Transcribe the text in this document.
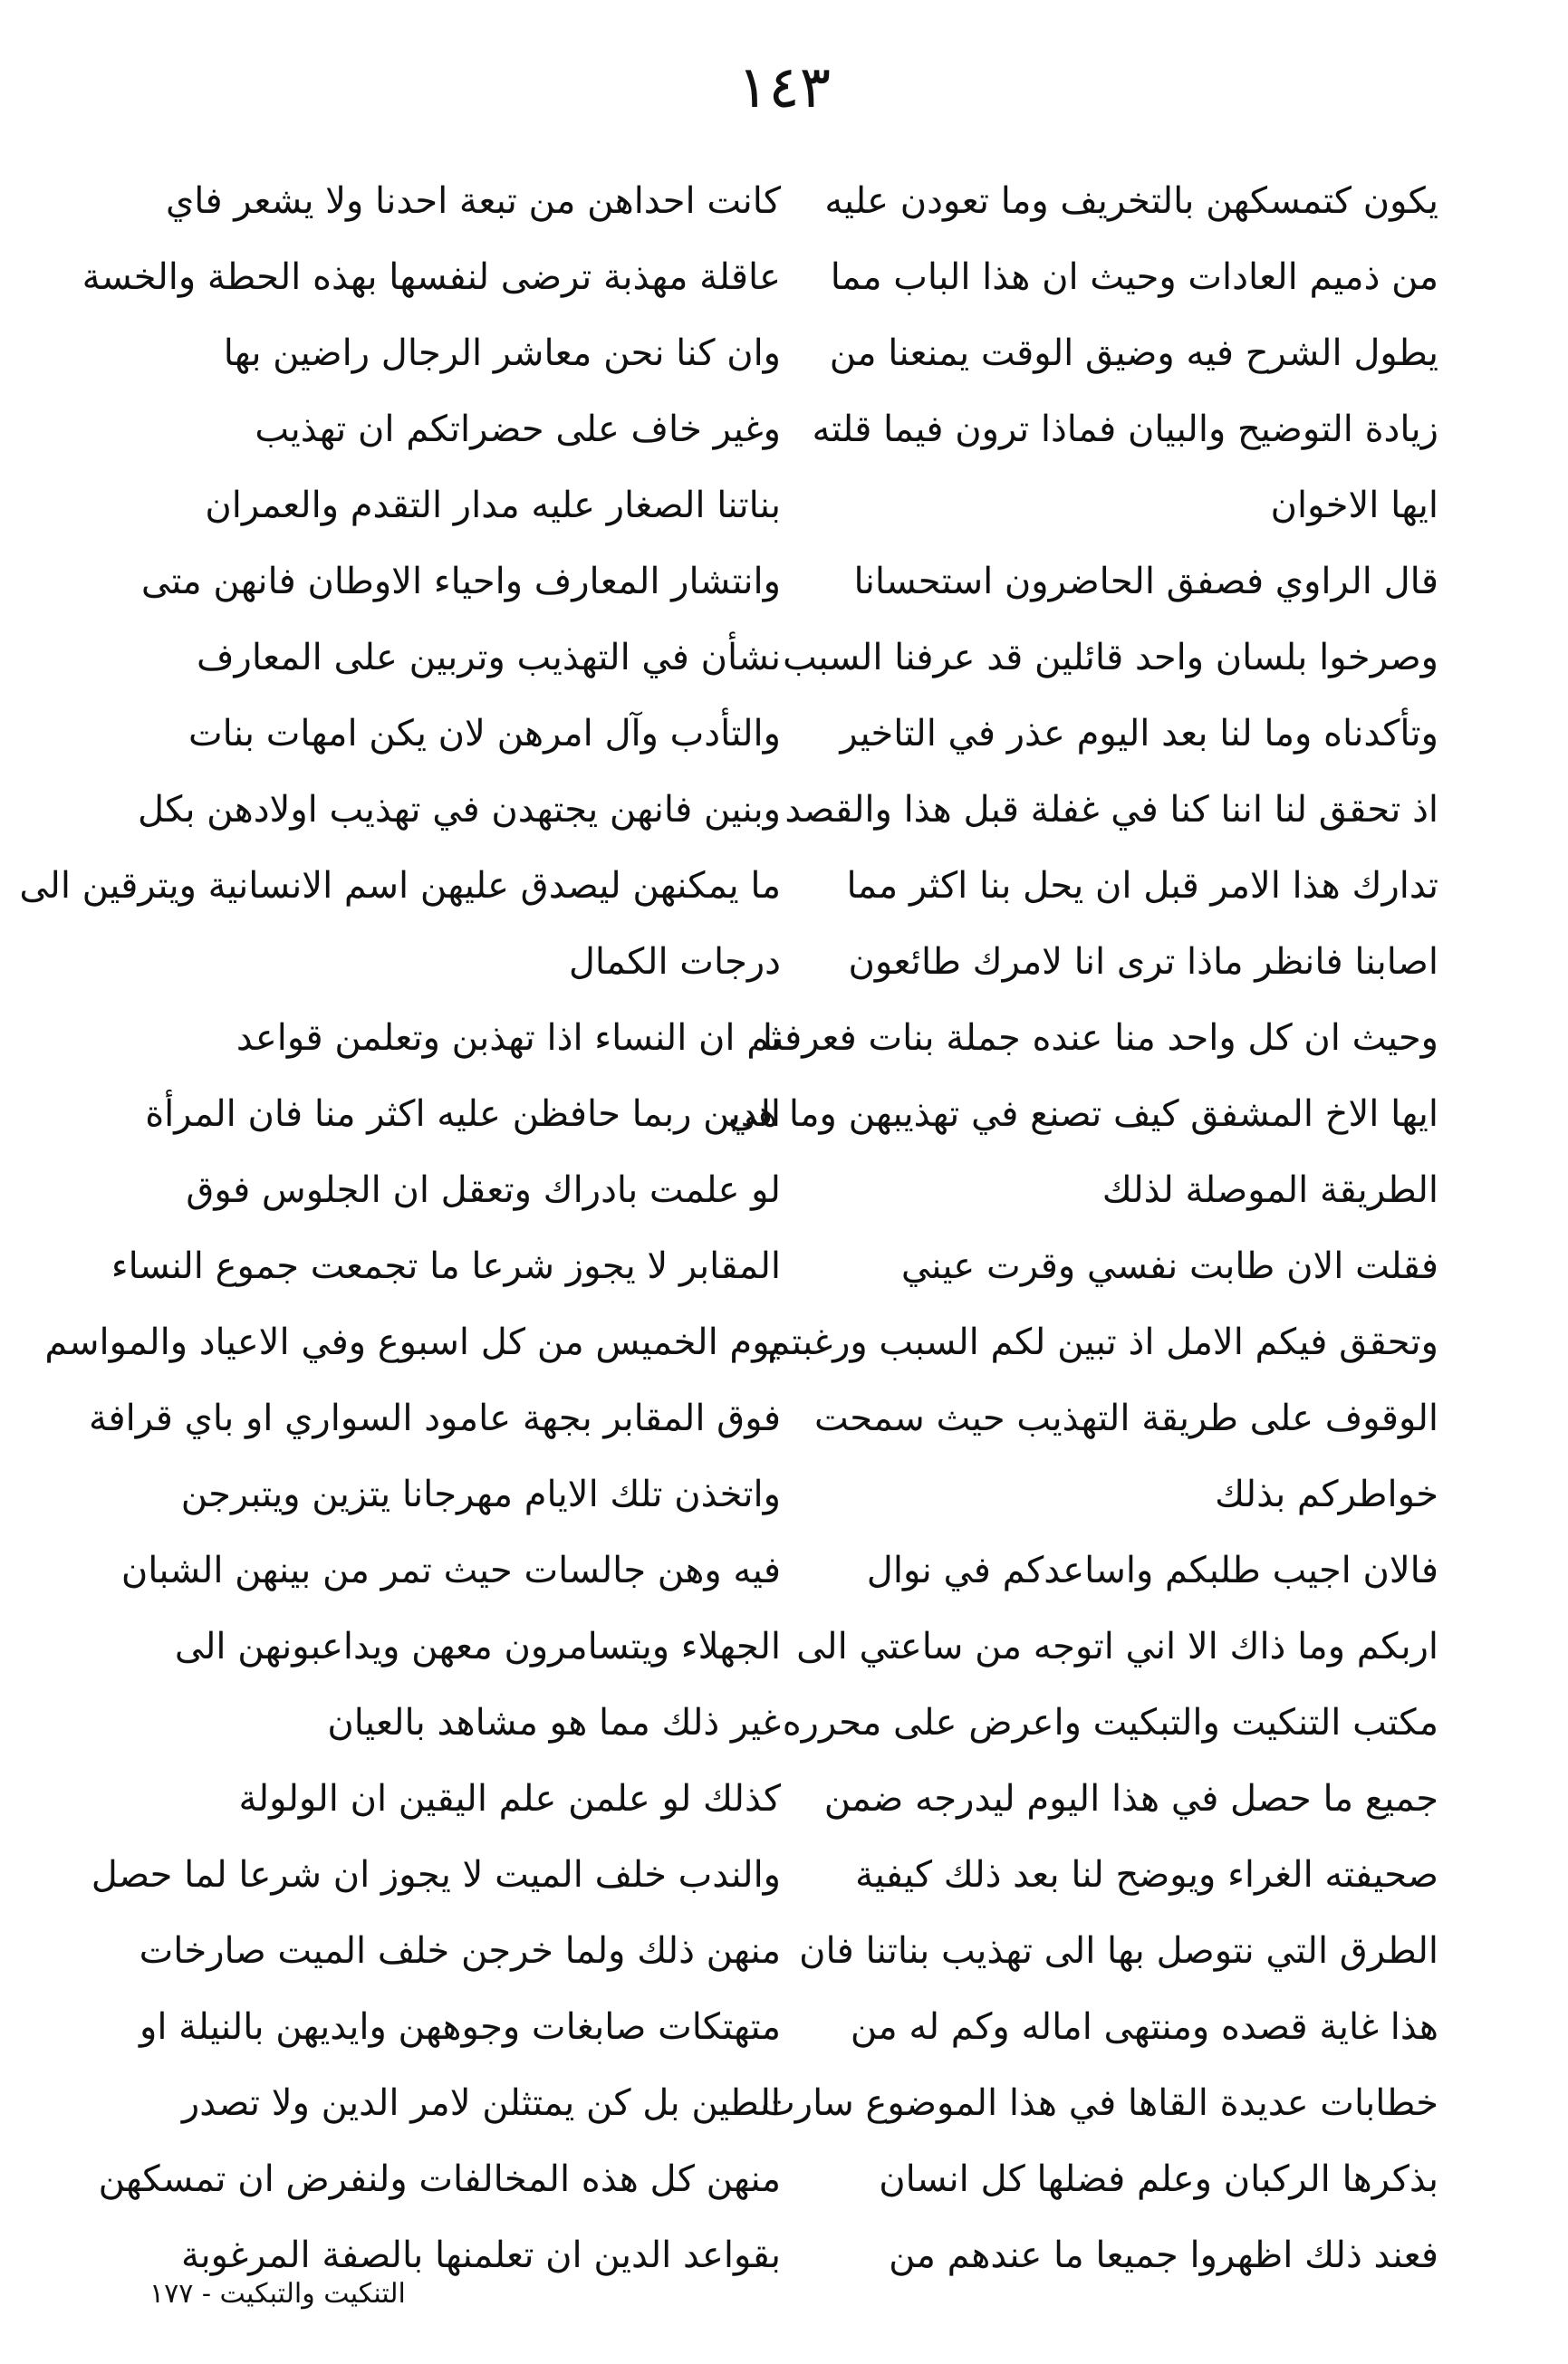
١٤٣
كانت احداهن من تبعة احدنا ولا يشعر فاي
عاقلة مهذبة ترضى لنفسها بهذه الحطة والخسة
وان كنا نحن معاشر الرجال راضين بها
وغير خاف على حضراتكم ان تهذيب
بناتنا الصغار عليه مدار التقدم والعمران
وانتشار المعارف واحياء الاوطان فانهن متى
نشأن في التهذيب وتربين على المعارف
والتأدب وآل امرهن لان يكن امهات بنات
وبنين فانهن يجتهدن في تهذيب اولادهن بكل
ما يمكنهن ليصدق عليهن اسم الانسانية ويترقين الى
درجات الكمال
ثم ان النساء اذا تهذبن وتعلمن قواعد
الدين ربما حافظن عليه اكثر منا فان المرأة
لو علمت بادراك وتعقل ان الجلوس فوق
المقابر لا يجوز شرعا ما تجمعت جموع النساء
يوم الخميس من كل اسبوع وفي الاعياد والمواسم
فوق المقابر بجهة عامود السواري او باي قرافة
واتخذن تلك الايام مهرجانا يتزين ويتبرجن
فيه وهن جالسات حيث تمر من بينهن الشبان
الجهلاء ويتسامرون معهن ويداعبونهن الى
غير ذلك مما هو مشاهد بالعيان
كذلك لو علمن علم اليقين ان الولولة
والندب خلف الميت لا يجوز ان شرعا لما حصل
منهن ذلك ولما خرجن خلف الميت صارخات
متهتكات صابغات وجوههن وايديهن بالنيلة او
الطين بل كن يمتثلن لامر الدين ولا تصدر
منهن كل هذه المخالفات ولنفرض ان تمسكهن
بقواعد الدين ان تعلمنها بالصفة المرغوبة
يكون كتمسكهن بالتخريف وما تعودن عليه
من ذميم العادات وحيث ان هذا الباب مما
يطول الشرح فيه وضيق الوقت يمنعنا من
زيادة التوضيح والبيان فماذا ترون فيما قلته
ايها الاخوان
قال الراوي فصفق الحاضرون استحسانا
وصرخوا بلسان واحد قائلين قد عرفنا السبب
وتأكدناه وما لنا بعد اليوم عذر في التاخير
اذ تحقق لنا اننا كنا في غفلة قبل هذا والقصد
تدارك هذا الامر قبل ان يحل بنا اكثر مما
اصابنا فانظر ماذا ترى انا لامرك طائعون
وحيث ان كل واحد منا عنده جملة بنات فعرفنا
ايها الاخ المشفق كيف تصنع في تهذيبهن وما هي
الطريقة الموصلة لذلك
فقلت الان طابت نفسي وقرت عيني
وتحقق فيكم الامل اذ تبين لكم السبب ورغبتم
الوقوف على طريقة التهذيب حيث سمحت
خواطركم بذلك
فالان اجيب طلبكم واساعدكم في نوال
اربكم وما ذاك الا اني اتوجه من ساعتي الى
مكتب التنكيت والتبكيت واعرض على محرره
جميع ما حصل في هذا اليوم ليدرجه ضمن
صحيفته الغراء ويوضح لنا بعد ذلك كيفية
الطرق التي نتوصل بها الى تهذيب بناتنا فان
هذا غاية قصده ومنتهى اماله وكم له من
خطابات عديدة القاها في هذا الموضوع سارت
بذكرها الركبان وعلم فضلها كل انسان
فعند ذلك اظهروا جميعا ما عندهم من
التنكيت والتبكيت - ١٧٧
